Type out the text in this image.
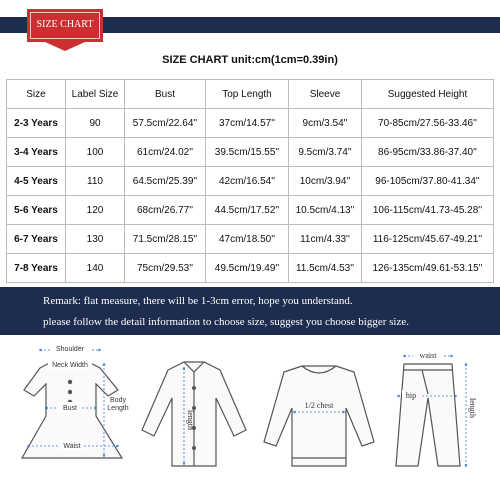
SIZE CHART
SIZE CHART unit:cm(1cm=0.39in)
Size	Label Size	Bust	Top Length	Sleeve	Suggested Height
2-3 Years	90	57.5cm/22.64''	37cm/14.57''	9cm/3.54''	70-85cm/27.56-33.46''
3-4 Years	100	61cm/24.02''	39.5cm/15.55''	9.5cm/3.74''	86-95cm/33.86-37.40''
4-5 Years	110	64.5cm/25.39''	42cm/16.54''	10cm/3.94''	96-105cm/37.80-41.34''
5-6 Years	120	68cm/26.77''	44.5cm/17.52''	10.5cm/4.13''	106-115cm/41.73-45.28''
6-7 Years	130	71.5cm/28.15''	47cm/18.50''	11cm/4.33''	116-125cm/45.67-49.21''
7-8 Years	140	75cm/29.53''	49.5cm/19.49''	11.5cm/4.53''	126-135cm/49.61-53.15''
Remark: flat measure, there will be 1-3cm error, hope you understand.
please follow the detail information to choose size, suggest you choose bigger size.
Shoulder
Neck Width
Bust
Body
Length
Waist
length
1/2 chest
waist
hip
length
